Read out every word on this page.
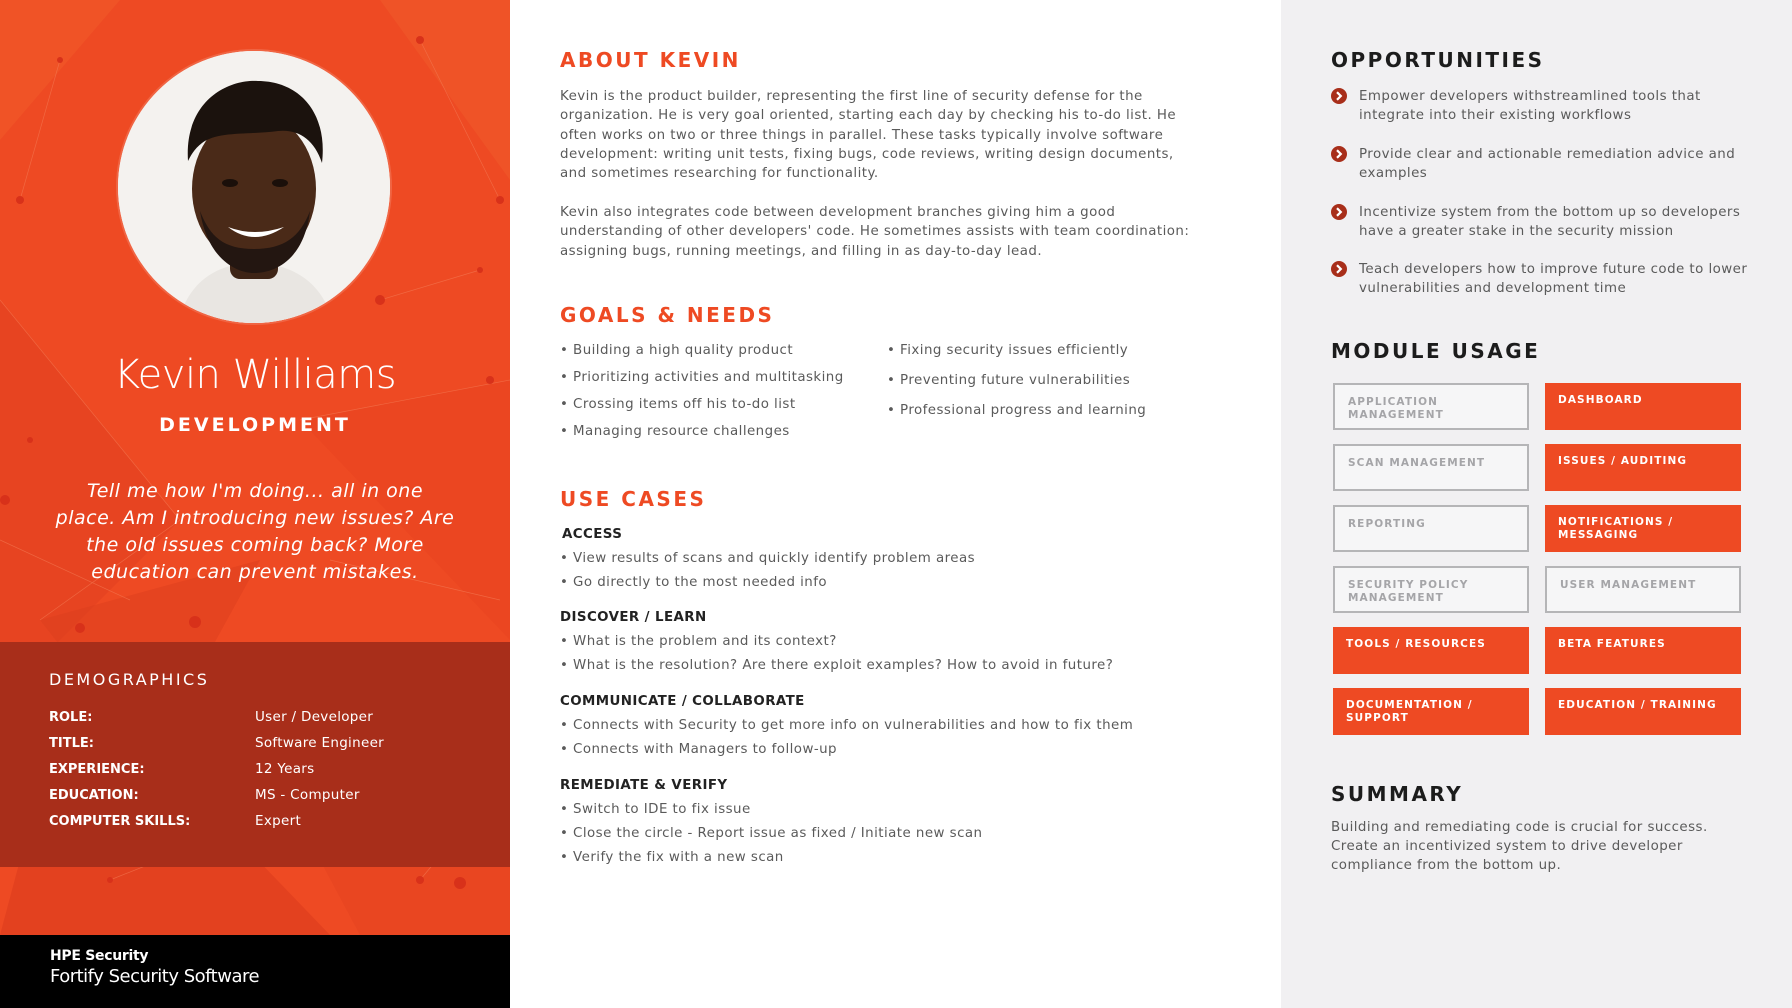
Kevin Williams
DEVELOPMENT
Tell me how I'm doing... all in one place. Am I introducing new issues? Are the old issues coming back? More education can prevent mistakes.
DEMOGRAPHICS
ROLE:	User / Developer
TITLE:	Software Engineer
EXPERIENCE:	12 Years
EDUCATION:	MS - Computer
COMPUTER SKILLS:	Expert
HPE Security
Fortify Security Software
ABOUT KEVIN
Kevin is the product builder, representing the first line of security defense for the organization. He is very goal oriented, starting each day by checking his to-do list. He often works on two or three things in parallel. These tasks typically involve software development: writing unit tests, fixing bugs, code reviews, writing design documents, and sometimes researching for functionality.
Kevin also integrates code between development branches giving him a good understanding of other developers' code. He sometimes assists with team coordination: assigning bugs, running meetings, and filling in as day-to-day lead.
GOALS & NEEDS
• Building a high quality product
• Prioritizing activities and multitasking
• Crossing items off his to-do list
• Managing resource challenges
• Fixing security issues efficiently
• Preventing future vulnerabilities
• Professional progress and learning
USE CASES
ACCESS
• View results of scans and quickly identify problem areas
• Go directly to the most needed info
DISCOVER / LEARN
• What is the problem and its context?
• What is the resolution? Are there exploit examples? How to avoid in future?
COMMUNICATE / COLLABORATE
• Connects with Security to get more info on vulnerabilities and how to fix them
• Connects with Managers to follow-up
REMEDIATE & VERIFY
• Switch to IDE to fix issue
• Close the circle - Report issue as fixed / Initiate new scan
• Verify the fix with a new scan
OPPORTUNITIES
Empower developers withstreamlined tools that integrate into their existing workflows
Provide clear and actionable remediation advice and examples
Incentivize system from the bottom up so developers have a greater stake in the security mission
Teach developers how to improve future code to lower vulnerabilities and development time
MODULE USAGE
APPLICATION MANAGEMENT
DASHBOARD
SCAN MANAGEMENT	ISSUES / AUDITING
REPORTING	NOTIFICATIONS / MESSAGING
SECURITY POLICY MANAGEMENT
USER MANAGEMENT
TOOLS / RESOURCES	BETA FEATURES
DOCUMENTATION / SUPPORT
EDUCATION / TRAINING
SUMMARY
Building and remediating code is crucial for success. Create an incentivized system to drive developer compliance from the bottom up.
